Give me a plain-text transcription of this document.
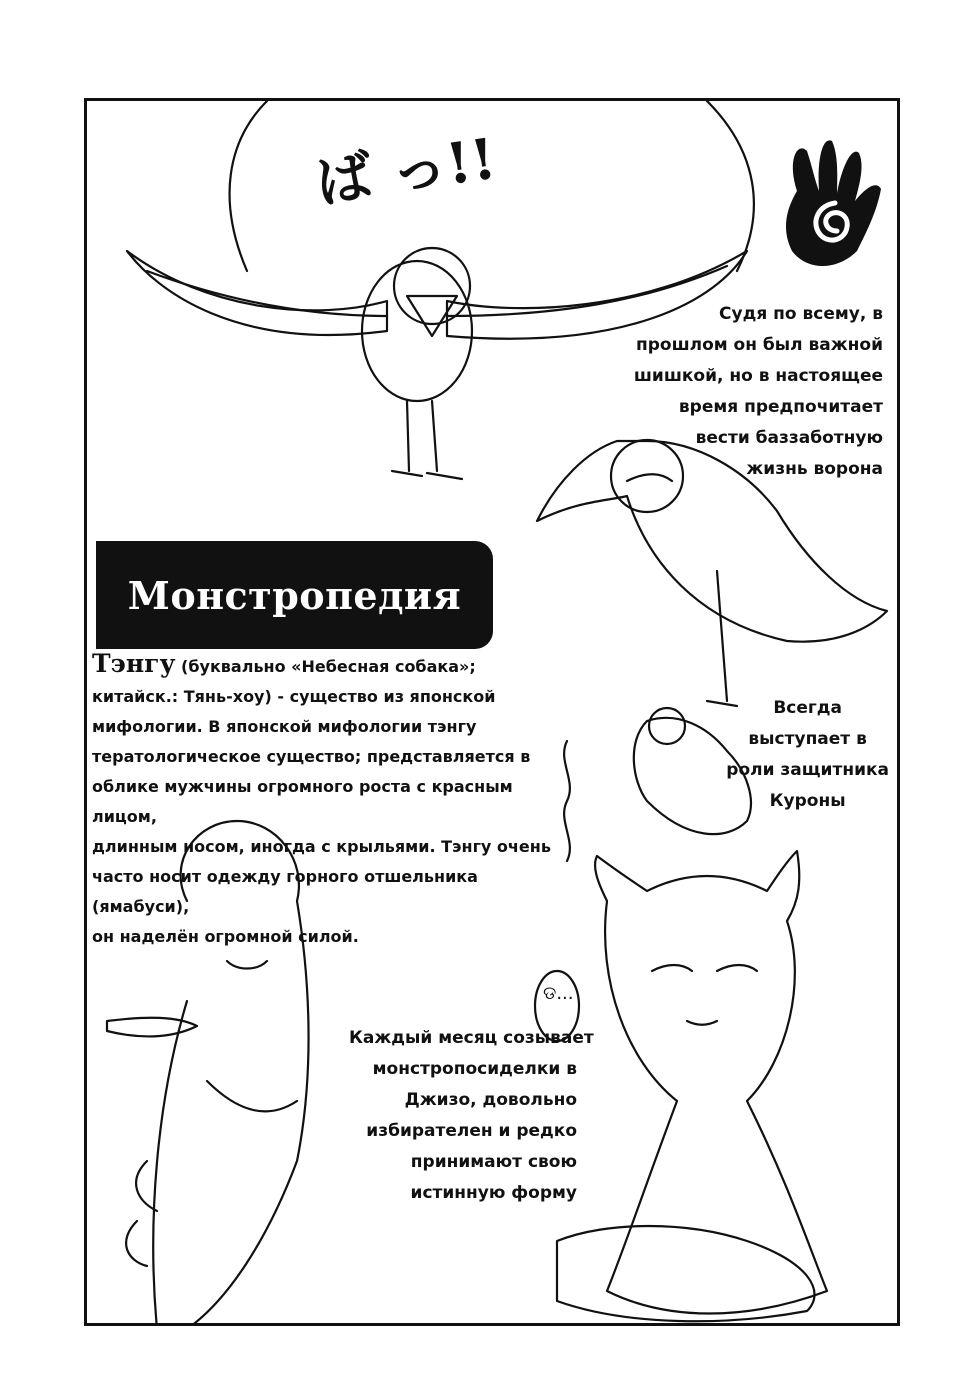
ば っ!!
Судя по всему, в
прошлом он был важной
шишкой, но в настоящее
время предпочитает
вести баззаботную
жизнь ворона
Монстропедия
Тэнгу (буквально «Небесная собака»;
китайск.: Тянь-хоу) - существо из японской
мифологии. В японской мифологии тэнгу
тератологическое существо; представляется в
облике мужчины огромного роста с красным лицом,
длинным носом, иногда с крыльями. Тэнгу очень
часто носит одежду горного отшельника (ямабуси),
он наделён огромной силой.
Всегда
выступает в
роли защитника
Куроны
Каждый месяц созывает
монстропосиделки в
Джизо, довольно
избирателен и редко
принимают свою
истинную форму
ଡ...
